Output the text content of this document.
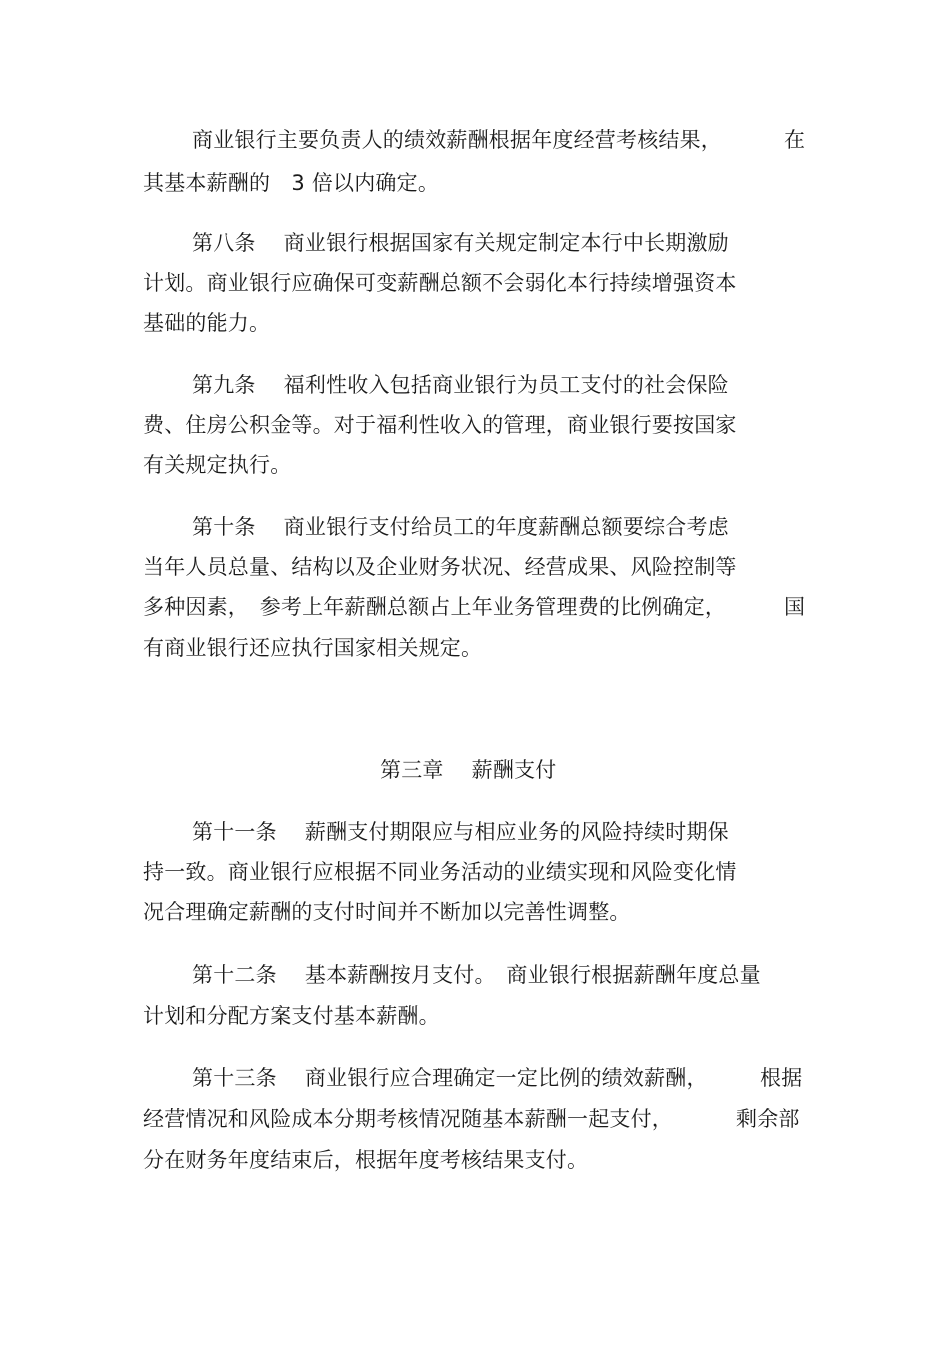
商业银行主要负责人的绩效薪酬根据年度经营考核结果，	在
其基本薪酬的　3 倍以内确定。
第八条　 商业银行根据国家有关规定制定本行中长期激励
计划。商业银行应确保可变薪酬总额不会弱化本行持续增强资本
基础的能力。
第九条　 福利性收入包括商业银行为员工支付的社会保险
费、住房公积金等。对于福利性收入的管理，商业银行要按国家
有关规定执行。
第十条　 商业银行支付给员工的年度薪酬总额要综合考虑
当年人员总量、结构以及企业财务状况、经营成果、风险控制等
多种因素，　参考上年薪酬总额占上年业务管理费的比例确定，	国
有商业银行还应执行国家相关规定。
第三章　 薪酬支付
第十一条　 薪酬支付期限应与相应业务的风险持续时期保
持一致。商业银行应根据不同业务活动的业绩实现和风险变化情
况合理确定薪酬的支付时间并不断加以完善性调整。
第十二条　 基本薪酬按月支付。　商业银行根据薪酬年度总量
计划和分配方案支付基本薪酬。
第十三条　 商业银行应合理确定一定比例的绩效薪酬， 根据
经营情况和风险成本分期考核情况随基本薪酬一起支付，	剩余部
分在财务年度结束后，根据年度考核结果支付。
